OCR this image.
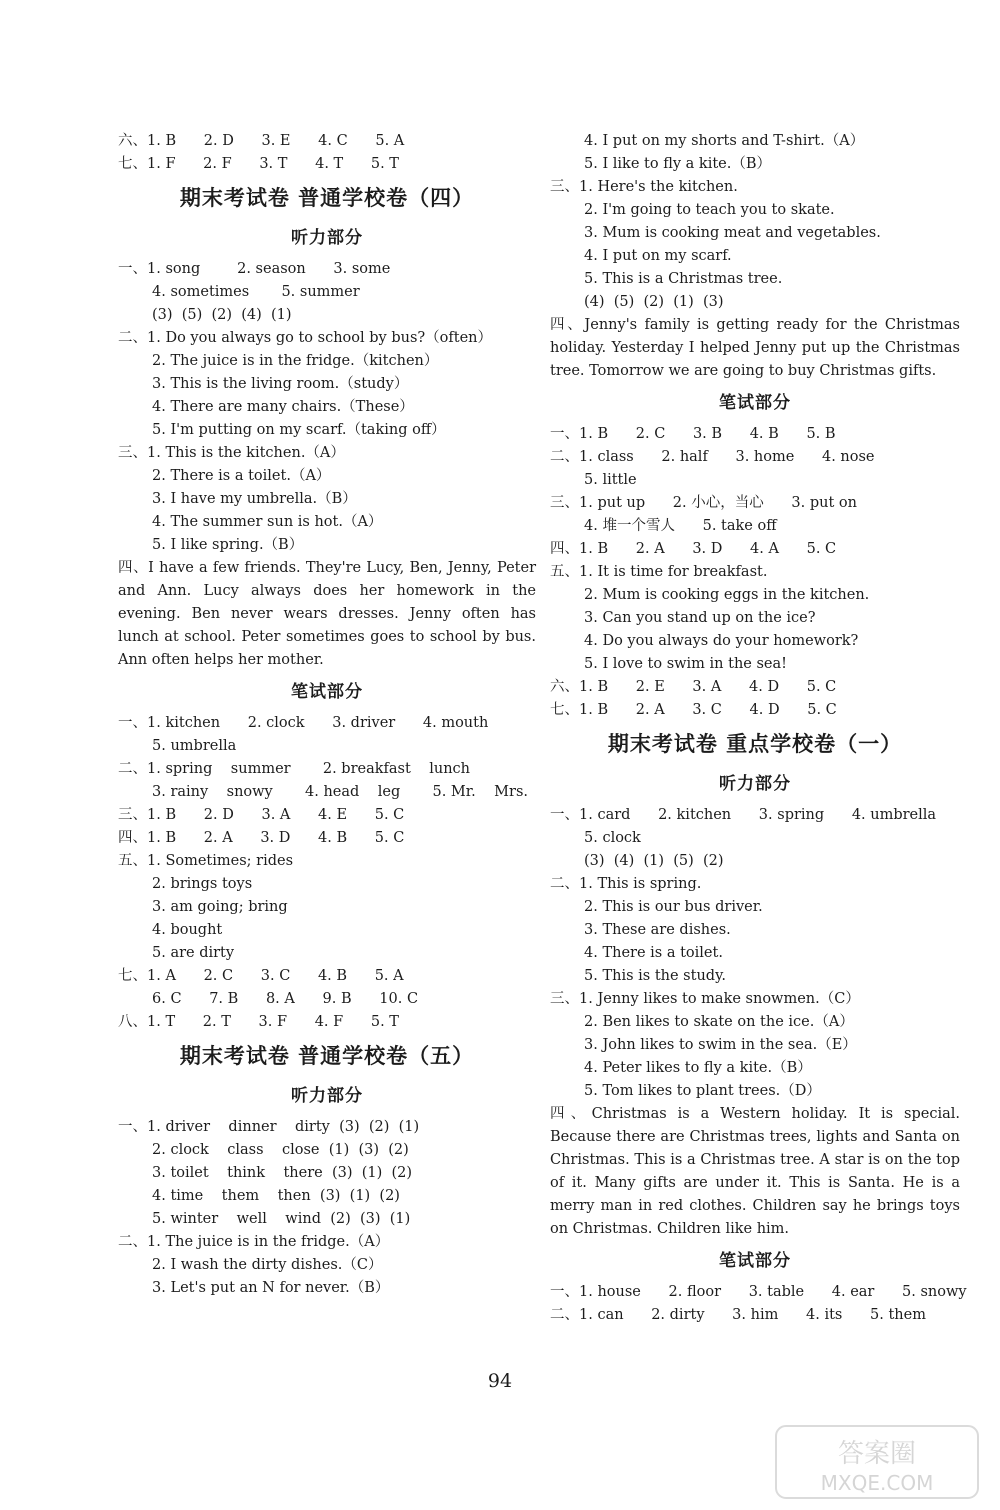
六、1. B      2. D      3. E      4. C      5. A
七、1. F      2. F      3. T      4. T      5. T
期末考试卷 普通学校卷（四）
听力部分
一、1. song        2. season      3. some
4. sometimes       5. summer
(3)  (5)  (2)  (4)  (1)
二、1. Do you always go to school by bus?（often）
2. The juice is in the fridge.（kitchen）
3. This is the living room.（study）
4. There are many chairs.（These）
5. I'm putting on my scarf.（taking off）
三、1. This is the kitchen.（A）
2. There is a toilet.（A）
3. I have my umbrella.（B）
4. The summer sun is hot.（A）
5. I like spring.（B）
四、I have a few friends. They're Lucy, Ben, Jenny, Peter and Ann. Lucy always does her homework in the evening. Ben never wears dresses. Jenny often has lunch at school. Peter sometimes goes to school by bus. Ann often helps her mother.
笔试部分
一、1. kitchen      2. clock      3. driver      4. mouth
5. umbrella
二、1. spring    summer       2. breakfast    lunch
3. rainy    snowy       4. head    leg       5. Mr.    Mrs.
三、1. B      2. D      3. A      4. E      5. C
四、1. B      2. A      3. D      4. B      5. C
五、1. Sometimes; rides
2. brings toys
3. am going; bring
4. bought
5. are dirty
七、1. A      2. C      3. C      4. B      5. A
6. C      7. B      8. A      9. B      10. C
八、1. T      2. T      3. F      4. F      5. T
期末考试卷 普通学校卷（五）
听力部分
一、1. driver    dinner    dirty  (3)  (2)  (1)
2. clock    class    close  (1)  (3)  (2)
3. toilet    think    there  (3)  (1)  (2)
4. time    them    then  (3)  (1)  (2)
5. winter    well    wind  (2)  (3)  (1)
二、1. The juice is in the fridge.（A）
2. I wash the dirty dishes.（C）
3. Let's put an N for never.（B）
4. I put on my shorts and T-shirt.（A）
5. I like to fly a kite.（B）
三、1. Here's the kitchen.
2. I'm going to teach you to skate.
3. Mum is cooking meat and vegetables.
4. I put on my scarf.
5. This is a Christmas tree.
(4)  (5)  (2)  (1)  (3)
四、Jenny's family is getting ready for the Christmas holiday. Yesterday I helped Jenny put up the Christmas tree. Tomorrow we are going to buy Christmas gifts.
笔试部分
一、1. B      2. C      3. B      4. B      5. B
二、1. class      2. half      3. home      4. nose
5. little
三、1. put up      2. 小心，当心      3. put on
4. 堆一个雪人      5. take off
四、1. B      2. A      3. D      4. A      5. C
五、1. It is time for breakfast.
2. Mum is cooking eggs in the kitchen.
3. Can you stand up on the ice?
4. Do you always do your homework?
5. I love to swim in the sea!
六、1. B      2. E      3. A      4. D      5. C
七、1. B      2. A      3. C      4. D      5. C
期末考试卷 重点学校卷（一）
听力部分
一、1. card      2. kitchen      3. spring      4. umbrella
5. clock
(3)  (4)  (1)  (5)  (2)
二、1. This is spring.
2. This is our bus driver.
3. These are dishes.
4. There is a toilet.
5. This is the study.
三、1. Jenny likes to make snowmen.（C）
2. Ben likes to skate on the ice.（A）
3. John likes to swim in the sea.（E）
4. Peter likes to fly a kite.（B）
5. Tom likes to plant trees.（D）
四、Christmas is a Western holiday. It is special. Because there are Christmas trees, lights and Santa on Christmas. This is a Christmas tree. A star is on the top of it. Many gifts are under it. This is Santa. He is a merry man in red clothes. Children say he brings toys on Christmas. Children like him.
笔试部分
一、1. house      2. floor      3. table      4. ear      5. snowy
二、1. can      2. dirty      3. him      4. its      5. them
94
答案圈
MXQE.COM
